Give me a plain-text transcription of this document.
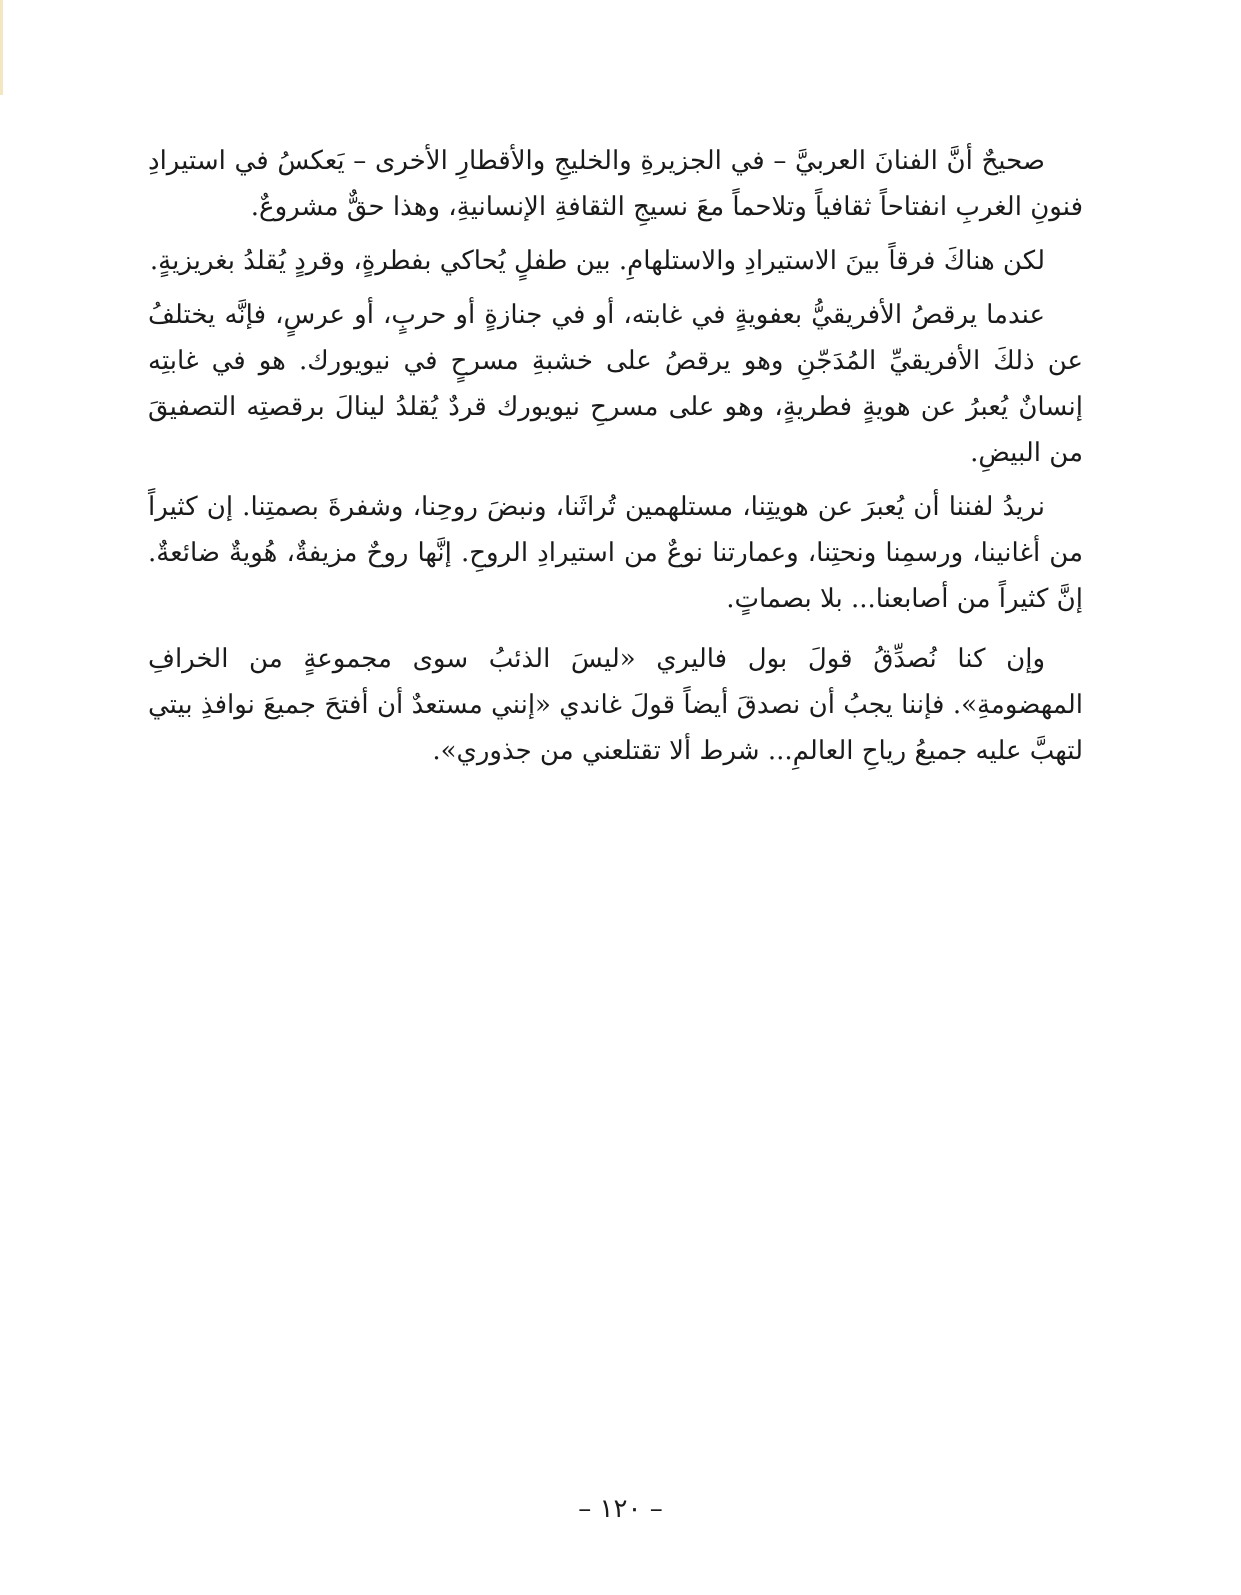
صحيحٌ أنَّ الفنانَ العربيَّ – في الجزيرةِ والخليجِ والأقطارِ الأخرى – يَعكسُ في استيرادِ فنونِ الغربِ انفتاحاً ثقافياً وتلاحماً معَ نسيجِ الثقافةِ الإنسانيةِ، وهذا حقٌّ مشروعٌ.

لكن هناكَ فرقاً بينَ الاستيرادِ والاستلهامِ. بين طفلٍ يُحاكي بفطرةٍ، وقردٍ يُقلدُ بغريزيةٍ.

عندما يرقصُ الأفريقيُّ بعفويةٍ في غابته، أو في جنازةٍ أو حربٍ، أو عرسٍ، فإنَّه يختلفُ عن ذلكَ الأفريقيِّ المُدَجّنِ وهو يرقصُ على خشبةِ مسرحٍ في نيويورك. هو في غابتِه إنسانٌ يُعبرُ عن هويةٍ فطريةٍ، وهو على مسرحِ نيويورك قردٌ يُقلدُ لينالَ برقصتِه التصفيقَ من البيضِ.

نريدُ لفننا أن يُعبرَ عن هويتِنا، مستلهمين تُراثَنا، ونبضَ روحِنا، وشفرةَ بصمتِنا. إن كثيراً من أغانينا، ورسمِنا ونحتِنا، وعمارتنا نوعٌ من استيرادِ الروحِ. إنَّها روحٌ مزيفةٌ، هُويةٌ ضائعةٌ. إنَّ كثيراً من أصابعنا... بلا بصماتٍ.

وإن كنا نُصدِّقُ قولَ بول فاليري «ليسَ الذئبُ سوى مجموعةٍ من الخرافِ المهضومةِ». فإننا يجبُ أن نصدقَ أيضاً قولَ غاندي «إنني مستعدٌ أن أفتحَ جميعَ نوافذِ بيتي لتهبَّ عليه جميعُ رياحِ العالمِ... شرط ألا تقتلعني من جذوري».

– ١٢٠ –
